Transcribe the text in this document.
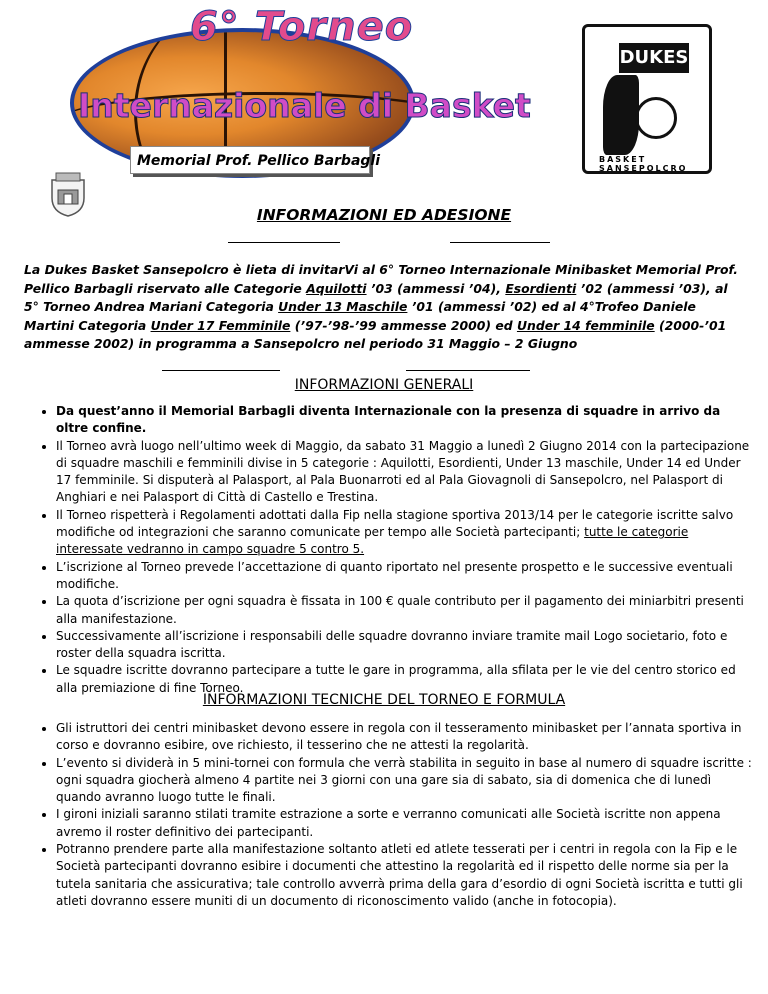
6° Torneo
Internazionale di Basket
Memorial Prof. Pellico Barbagli
DUKES
BASKET SANSEPOLCRO
INFORMAZIONI ED ADESIONE
La Dukes Basket Sansepolcro è lieta di invitarVi al 6° Torneo Internazionale Minibasket Memorial Prof. Pellico Barbagli riservato alle Categorie Aquilotti ’03 (ammessi ’04), Esordienti ’02 (ammessi ’03), al 5° Torneo Andrea Mariani Categoria Under 13 Maschile ’01 (ammessi ’02) ed al 4°Trofeo Daniele Martini Categoria Under 17 Femminile (’97-’98-’99 ammesse 2000) ed Under 14 femminile (2000-’01 ammesse 2002) in programma a Sansepolcro nel periodo 31 Maggio – 2 Giugno
INFORMAZIONI GENERALI
• Da quest’anno il Memorial Barbagli diventa Internazionale con la presenza di squadre in arrivo da oltre confine.
• Il Torneo avrà luogo nell’ultimo week di Maggio, da sabato 31 Maggio a lunedì 2 Giugno 2014 con la partecipazione di squadre maschili e femminili divise in 5 categorie : Aquilotti, Esordienti, Under 13 maschile, Under 14 ed Under 17 femminile. Si disputerà al Palasport, al Pala Buonarroti ed al Pala Giovagnoli di Sansepolcro, nel Palasport di Anghiari e nei Palasport di Città di Castello e Trestina.
• Il Torneo rispetterà i Regolamenti adottati dalla Fip nella stagione sportiva 2013/14 per le categorie iscritte salvo modifiche od integrazioni che saranno comunicate per tempo alle Società partecipanti; tutte le categorie interessate vedranno in campo squadre 5 contro 5.
• L’iscrizione al Torneo prevede l’accettazione di quanto riportato nel presente prospetto e le successive eventuali modifiche.
• La quota d’iscrizione per ogni squadra è fissata in 100 € quale contributo per il pagamento dei miniarbitri presenti alla manifestazione.
• Successivamente all’iscrizione i responsabili delle squadre dovranno inviare tramite mail Logo societario, foto e roster della squadra iscritta.
• Le squadre iscritte dovranno partecipare a tutte le gare in programma, alla sfilata per le vie del centro storico ed alla premiazione di fine Torneo.
INFORMAZIONI TECNICHE DEL TORNEO E FORMULA
• Gli istruttori dei centri minibasket devono essere in regola con il tesseramento minibasket per l’annata sportiva in corso e dovranno esibire, ove richiesto, il tesserino che ne attesti la regolarità.
• L’evento si dividerà in 5 mini-tornei con formula che verrà stabilita in seguito in base al numero di squadre iscritte : ogni squadra giocherà almeno 4 partite nei 3 giorni con una gare sia di sabato, sia di domenica che di lunedì quando avranno luogo tutte le finali.
• I gironi iniziali saranno stilati tramite estrazione a sorte e verranno comunicati alle Società iscritte non appena avremo il roster definitivo dei partecipanti.
• Potranno prendere parte alla manifestazione soltanto atleti ed atlete tesserati per i centri in regola con la Fip e le Società partecipanti dovranno esibire i documenti che attestino la regolarità ed il rispetto delle norme sia per la tutela sanitaria che assicurativa; tale controllo avverrà prima della gara d’esordio di ogni Società iscritta e tutti gli atleti dovranno essere muniti di un documento di riconoscimento valido (anche in fotocopia).
